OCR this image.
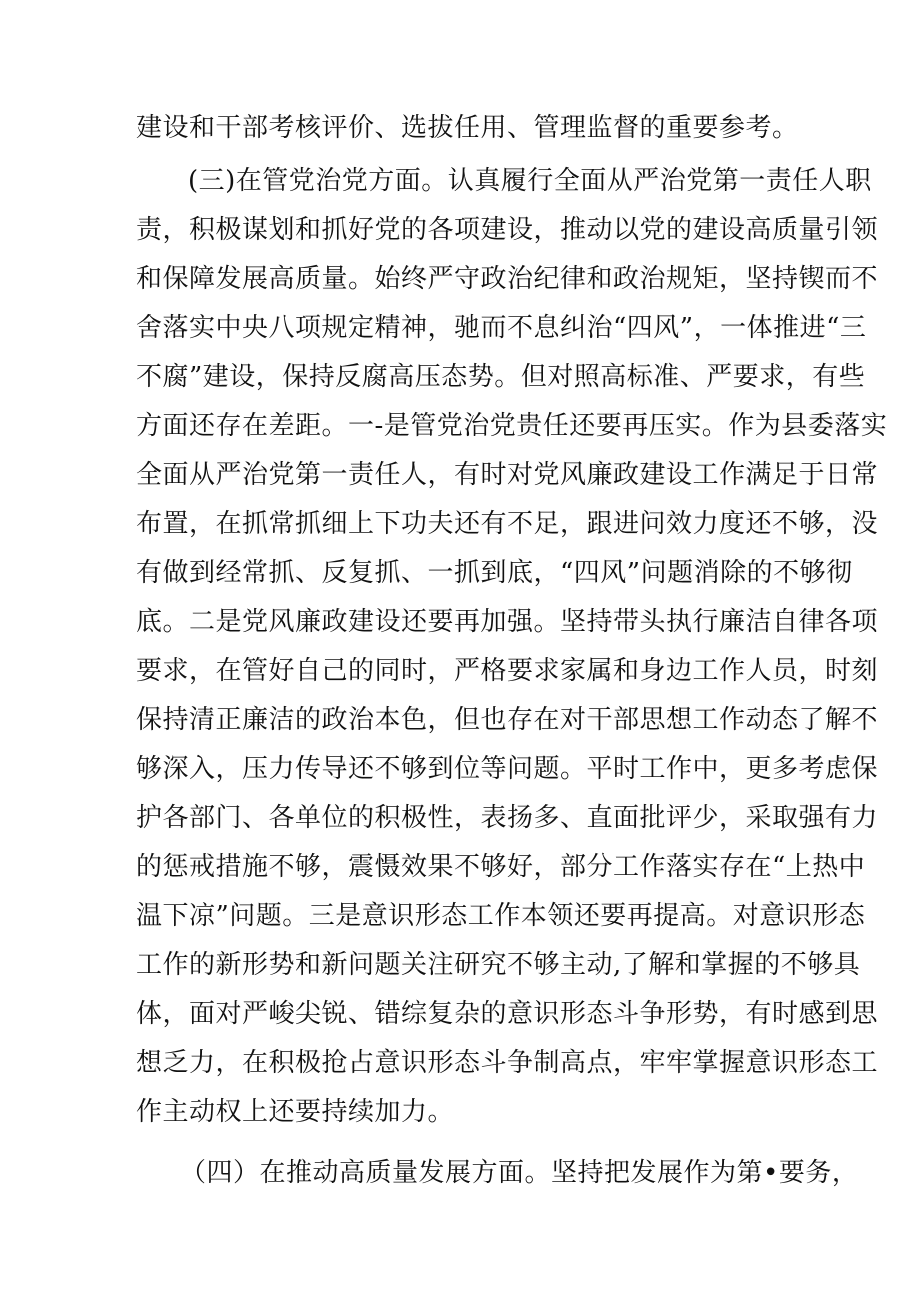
建设和干部考核评价、选拔任用、管理监督的重要参考。
(三)在管党治党方面。认真履行全面从严治党第一责任人职
责，积极谋划和抓好党的各项建设，推动以党的建设高质量引领
和保障发展高质量。始终严守政治纪律和政治规矩，坚持锲而不
舍落实中央八项规定精神，驰而不息纠治“四风”，一体推进“三
不腐”建设，保持反腐高压态势。但对照高标准、严要求，有些
方面还存在差距。一-是管党治党贵任还要再压实。作为县委落实
全面从严治党第一责任人，有时对党风廉政建设工作满足于日常
布置，在抓常抓细上下功夫还有不足，跟进问效力度还不够，没
有做到经常抓、反复抓、一抓到底，“四风”问题消除的不够彻
底。二是党风廉政建设还要再加强。坚持带头执行廉洁自律各项
要求，在管好自己的同时，严格要求家属和身边工作人员，时刻
保持清正廉洁的政治本色，但也存在对干部思想工作动态了解不
够深入，压力传导还不够到位等问题。平时工作中，更多考虑保
护各部门、各单位的积极性，表扬多、直面批评少，采取强有力
的惩戒措施不够，震慑效果不够好，部分工作落实存在“上热中
温下凉”问题。三是意识形态工作本领还要再提高。对意识形态
工作的新形势和新问题关注研究不够主动,了解和掌握的不够具
体，面对严峻尖锐、错综复杂的意识形态斗争形势，有时感到思
想乏力，在积极抢占意识形态斗争制高点，牢牢掌握意识形态工
作主动权上还要持续加力。
（四）在推动高质量发展方面。坚持把发展作为第•要务，
